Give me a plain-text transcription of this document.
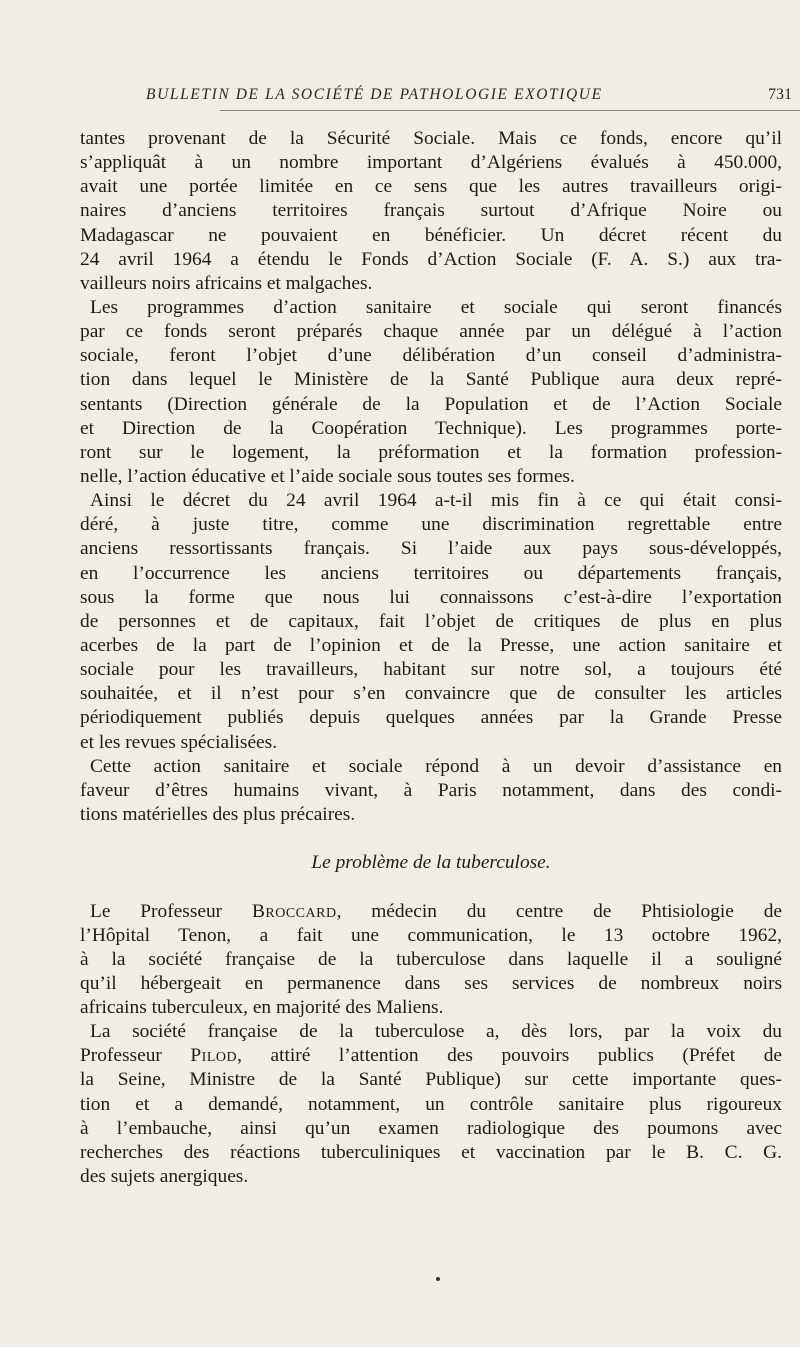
BULLETIN DE LA SOCIÉTÉ DE PATHOLOGIE EXOTIQUE	731
tantes provenant de la Sécurité Sociale. Mais ce fonds, encore qu’il
s’appliquât à un nombre important d’Algériens évalués à 450.000,
avait une portée limitée en ce sens que les autres travailleurs origi-
naires d’anciens territoires français surtout d’Afrique Noire ou
Madagascar ne pouvaient en bénéficier. Un décret récent du
24 avril 1964 a étendu le Fonds d’Action Sociale (F. A. S.) aux tra-
vailleurs noirs africains et malgaches.
Les programmes d’action sanitaire et sociale qui seront financés
par ce fonds seront préparés chaque année par un délégué à l’action
sociale, feront l’objet d’une délibération d’un conseil d’administra-
tion dans lequel le Ministère de la Santé Publique aura deux repré-
sentants (Direction générale de la Population et de l’Action Sociale
et Direction de la Coopération Technique). Les programmes porte-
ront sur le logement, la préformation et la formation profession-
nelle, l’action éducative et l’aide sociale sous toutes ses formes.
Ainsi le décret du 24 avril 1964 a-t-il mis fin à ce qui était consi-
déré, à juste titre, comme une discrimination regrettable entre
anciens ressortissants français. Si l’aide aux pays sous-développés,
en l’occurrence les anciens territoires ou départements français,
sous la forme que nous lui connaissons c’est-à-dire l’exportation
de personnes et de capitaux, fait l’objet de critiques de plus en plus
acerbes de la part de l’opinion et de la Presse, une action sanitaire et
sociale pour les travailleurs, habitant sur notre sol, a toujours été
souhaitée, et il n’est pour s’en convaincre que de consulter les articles
périodiquement publiés depuis quelques années par la Grande Presse
et les revues spécialisées.
Cette action sanitaire et sociale répond à un devoir d’assistance en
faveur d’êtres humains vivant, à Paris notamment, dans des condi-
tions matérielles des plus précaires.
Le problème de la tuberculose.
Le Professeur Broccard, médecin du centre de Phtisiologie de
l’Hôpital Tenon, a fait une communication, le 13 octobre 1962,
à la société française de la tuberculose dans laquelle il a souligné
qu’il hébergeait en permanence dans ses services de nombreux noirs
africains tuberculeux, en majorité des Maliens.
La société française de la tuberculose a, dès lors, par la voix du
Professeur Pilod, attiré l’attention des pouvoirs publics (Préfet de
la Seine, Ministre de la Santé Publique) sur cette importante ques-
tion et a demandé, notamment, un contrôle sanitaire plus rigoureux
à l’embauche, ainsi qu’un examen radiologique des poumons avec
recherches des réactions tuberculiniques et vaccination par le B. C. G.
des sujets anergiques.
